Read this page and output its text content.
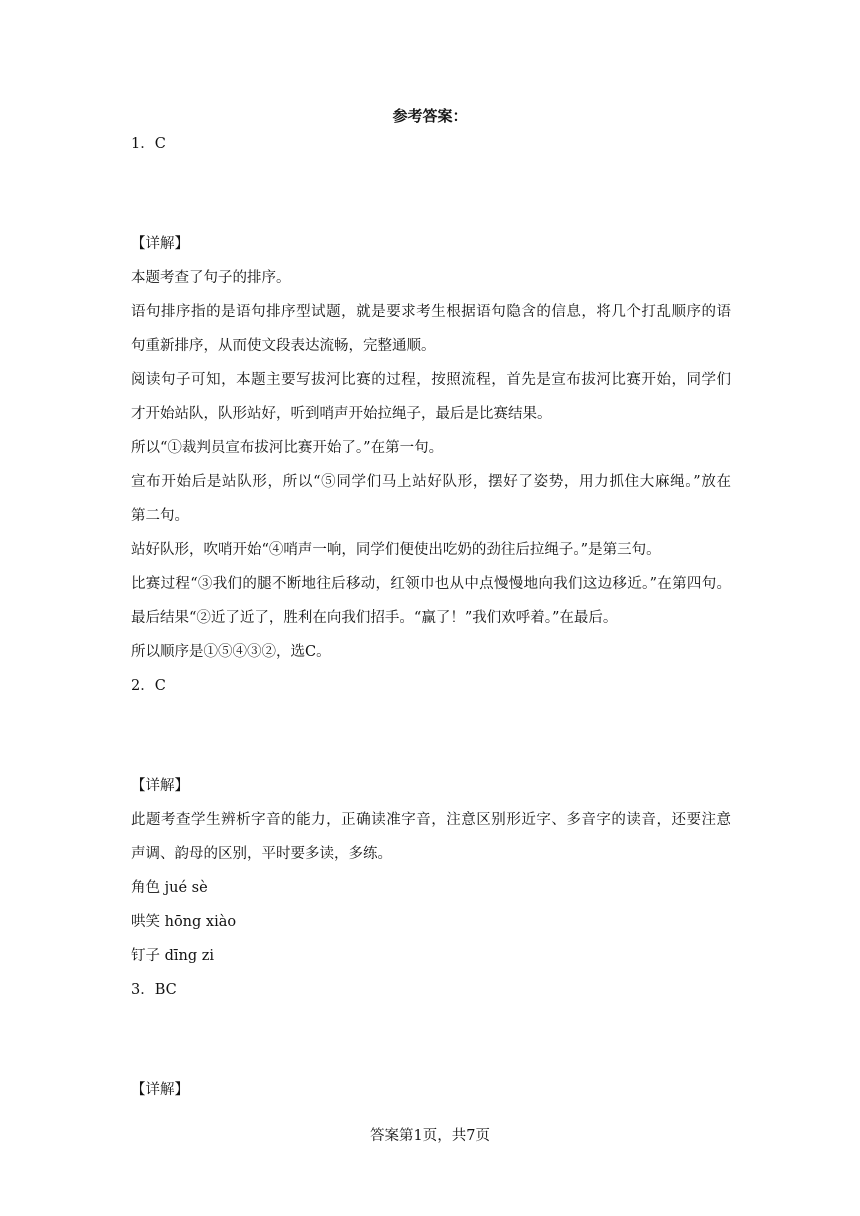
参考答案：
1．C
【详解】
本题考查了句子的排序。
语句排序指的是语句排序型试题，就是要求考生根据语句隐含的信息，将几个打乱顺序的语
句重新排序，从而使文段表达流畅，完整通顺。
阅读句子可知，本题主要写拔河比赛的过程，按照流程，首先是宣布拔河比赛开始，同学们
才开始站队，队形站好，听到哨声开始拉绳子，最后是比赛结果。
所以“①裁判员宣布拔河比赛开始了。”在第一句。
宣布开始后是站队形，所以“⑤同学们马上站好队形，摆好了姿势，用力抓住大麻绳。”放在
第二句。
站好队形，吹哨开始“④哨声一响，同学们便使出吃奶的劲往后拉绳子。”是第三句。
比赛过程“③我们的腿不断地往后移动，红领巾也从中点慢慢地向我们这边移近。”在第四句。
最后结果“②近了近了，胜利在向我们招手。“赢了！”我们欢呼着。”在最后。
所以顺序是①⑤④③②，选C。
2．C
【详解】
此题考查学生辨析字音的能力，正确读准字音，注意区别形近字、多音字的读音，还要注意
声调、韵母的区别，平时要多读，多练。
角色 jué sè
哄笑 hōng xiào
钉子 dīng zi
3．BC
【详解】
答案第1页，共7页
